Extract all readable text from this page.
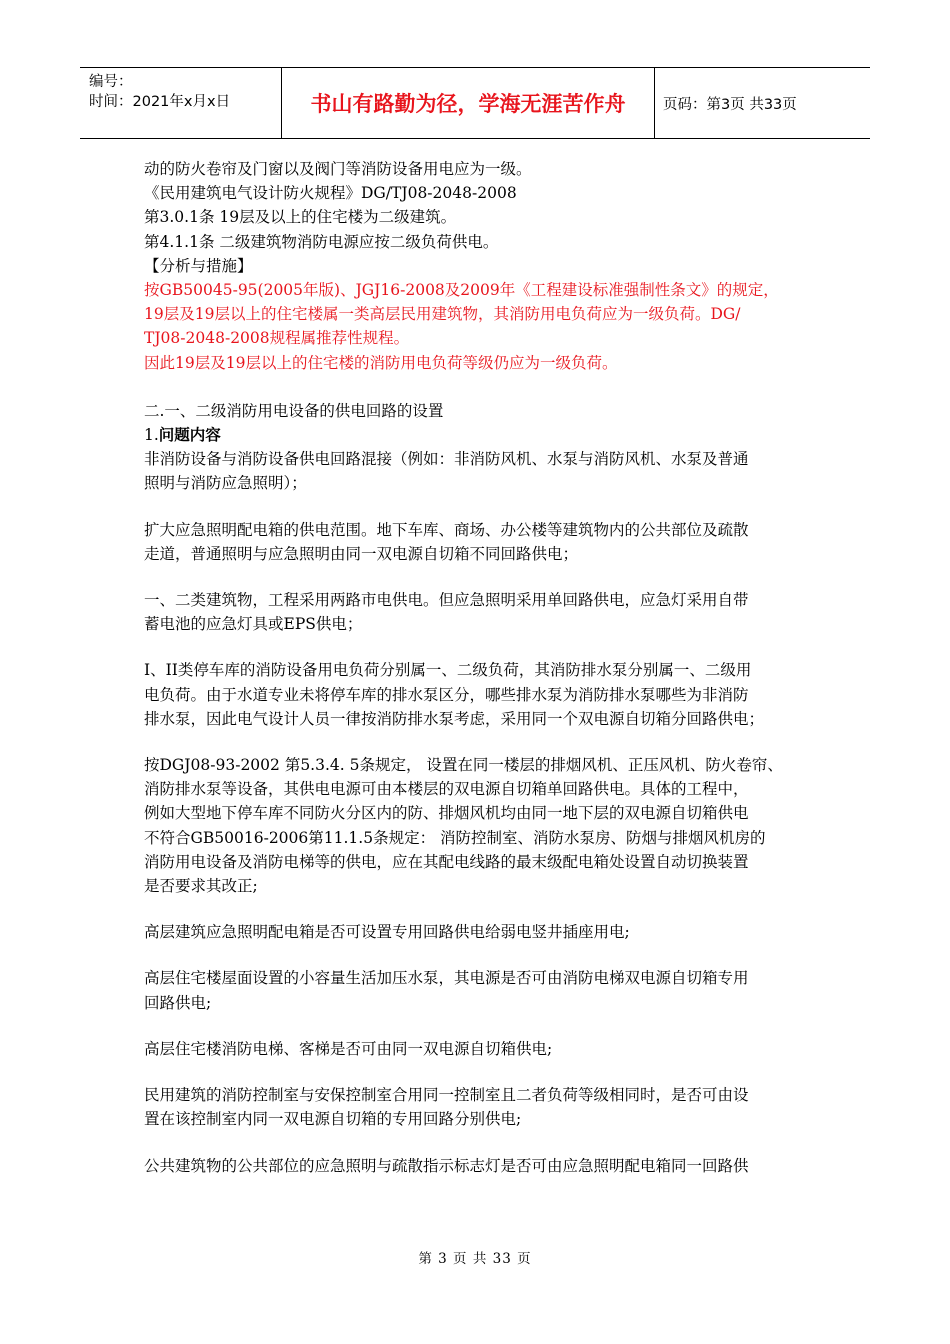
编号：
时间：2021年x月x日	书山有路勤为径，学海无涯苦作舟	页码：第3页 共33页

动的防火卷帘及门窗以及阀门等消防设备用电应为一级。

《民用建筑电气设计防火规程》DG/TJ08-2048-2008

第3.0.1条 19层及以上的住宅楼为二级建筑。

第4.1.1条 二级建筑物消防电源应按二级负荷供电。

【分析与措施】

按GB50045-95(2005年版)、JGJ16-2008及2009年《工程建设标准强制性条文》的规定，

19层及19层以上的住宅楼属一类高层民用建筑物，其消防用电负荷应为一级负荷。DG/

TJ08-2048-2008规程属推荐性规程。

因此19层及19层以上的住宅楼的消防用电负荷等级仍应为一级负荷。

二.一、二级消防用电设备的供电回路的设置

1.问题内容

非消防设备与消防设备供电回路混接（例如：非消防风机、水泵与消防风机、水泵及普通

照明与消防应急照明）；

扩大应急照明配电箱的供电范围。地下车库、商场、办公楼等建筑物内的公共部位及疏散

走道，普通照明与应急照明由同一双电源自切箱不同回路供电；

一、二类建筑物，工程采用两路市电供电。但应急照明采用单回路供电，应急灯采用自带

蓄电池的应急灯具或EPS供电；

I、II类停车库的消防设备用电负荷分别属一、二级负荷，其消防排水泵分别属一、二级用

电负荷。由于水道专业未将停车库的排水泵区分，哪些排水泵为消防排水泵哪些为非消防

排水泵，因此电气设计人员一律按消防排水泵考虑，采用同一个双电源自切箱分回路供电；

按DGJ08-93-2002 第5.3.4. 5条规定， 设置在同一楼层的排烟风机、正压风机、防火卷帘、

消防排水泵等设备，其供电电源可由本楼层的双电源自切箱单回路供电。具体的工程中，

例如大型地下停车库不同防火分区内的防、排烟风机均由同一地下层的双电源自切箱供电

不符合GB50016-2006第11.1.5条规定： 消防控制室、消防水泵房、防烟与排烟风机房的

消防用电设备及消防电梯等的供电，应在其配电线路的最末级配电箱处设置自动切换装置

是否要求其改正;

高层建筑应急照明配电箱是否可设置专用回路供电给弱电竖井插座用电;

高层住宅楼屋面设置的小容量生活加压水泵，其电源是否可由消防电梯双电源自切箱专用

回路供电;

高层住宅楼消防电梯、客梯是否可由同一双电源自切箱供电;

民用建筑的消防控制室与安保控制室合用同一控制室且二者负荷等级相同时，是否可由设

置在该控制室内同一双电源自切箱的专用回路分别供电;

公共建筑物的公共部位的应急照明与疏散指示标志灯是否可由应急照明配电箱同一回路供

第 3 页 共 33 页
